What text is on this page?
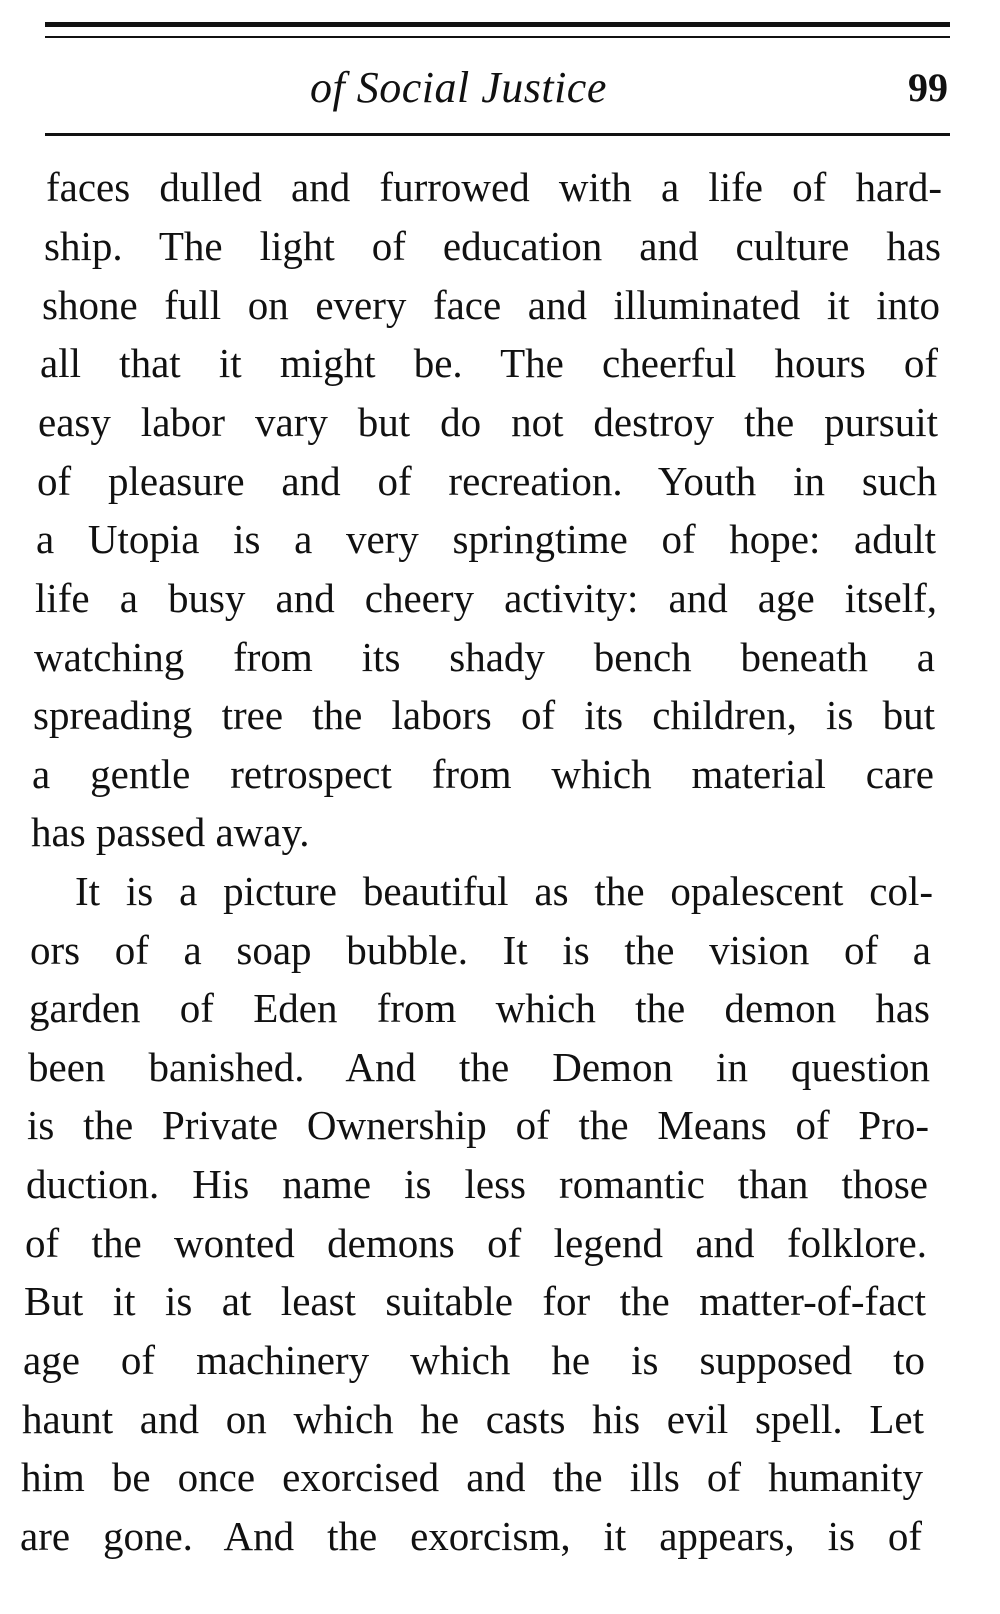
of Social Justice	99
faces dulled and furrowed with a life of hard-
ship. The light of education and culture has
shone full on every face and illuminated it into
all that it might be. The cheerful hours of
easy labor vary but do not destroy the pursuit
of pleasure and of recreation. Youth in such
a Utopia is a very springtime of hope: adult
life a busy and cheery activity: and age itself,
watching from its shady bench beneath a
spreading tree the labors of its children, is but
a gentle retrospect from which material care
has passed away.
It is a picture beautiful as the opalescent col-
ors of a soap bubble. It is the vision of a
garden of Eden from which the demon has
been banished. And the Demon in question
is the Private Ownership of the Means of Pro-
duction. His name is less romantic than those
of the wonted demons of legend and folklore.
But it is at least suitable for the matter-of-fact
age of machinery which he is supposed to
haunt and on which he casts his evil spell. Let
him be once exorcised and the ills of humanity
are gone. And the exorcism, it appears, is of
